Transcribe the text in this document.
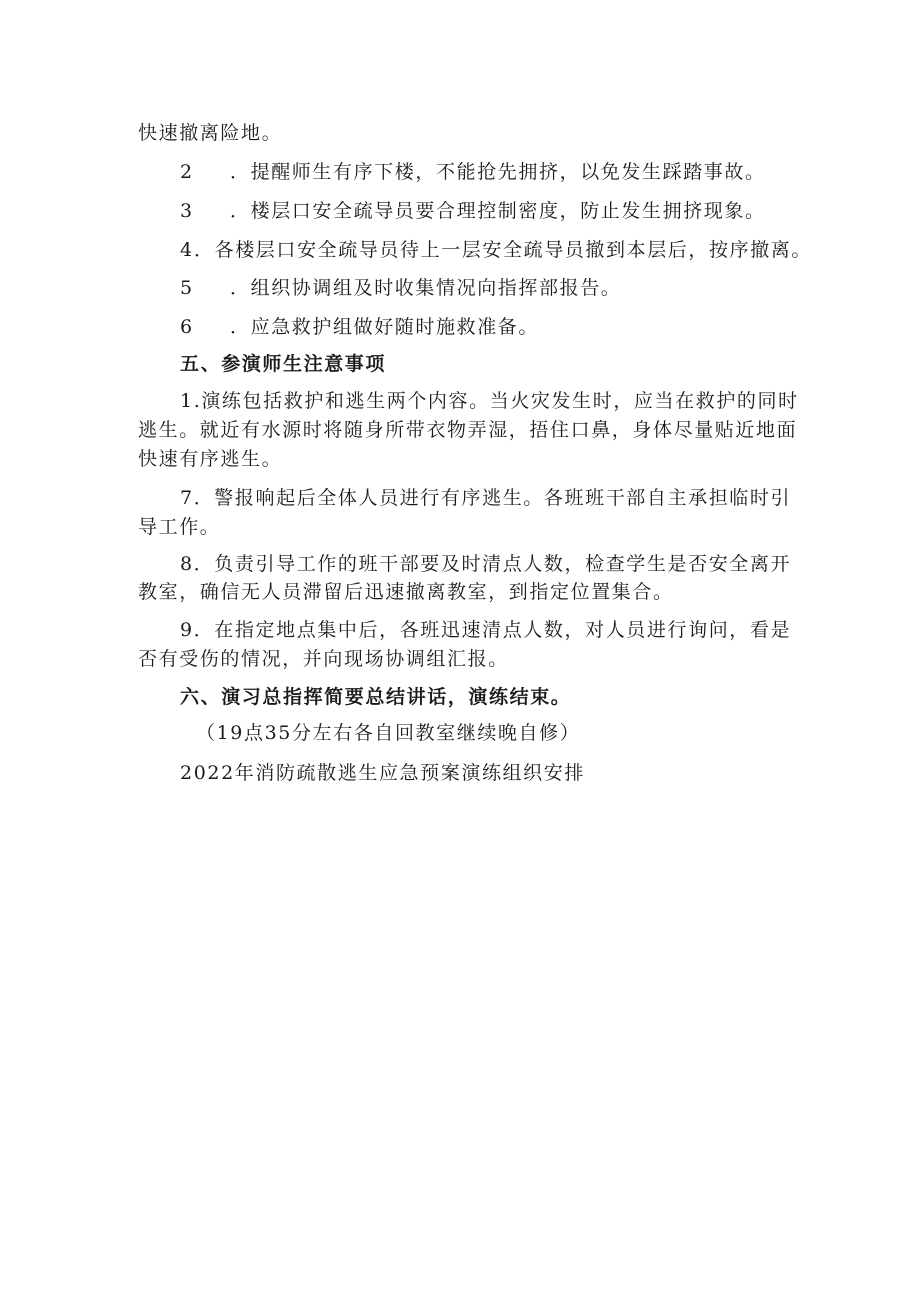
快速撤离险地。
2 ．提醒师生有序下楼，不能抢先拥挤，以免发生踩踏事故。
3 ．楼层口安全疏导员要合理控制密度，防止发生拥挤现象。
4．各楼层口安全疏导员待上一层安全疏导员撤到本层后，按序撤离。
5 ．组织协调组及时收集情况向指挥部报告。
6 ．应急救护组做好随时施救准备。
五、参演师生注意事项
1.演练包括救护和逃生两个内容。当火灾发生时，应当在救护的同时
逃生。就近有水源时将随身所带衣物弄湿，捂住口鼻，身体尽量贴近地面
快速有序逃生。
7．警报响起后全体人员进行有序逃生。各班班干部自主承担临时引
导工作。
8．负责引导工作的班干部要及时清点人数，检查学生是否安全离开
教室，确信无人员滞留后迅速撤离教室，到指定位置集合。
9．在指定地点集中后，各班迅速清点人数，对人员进行询问，看是
否有受伤的情况，并向现场协调组汇报。
六、演习总指挥简要总结讲话，演练结束。
（19点35分左右各自回教室继续晚自修）
2022年消防疏散逃生应急预案演练组织安排
